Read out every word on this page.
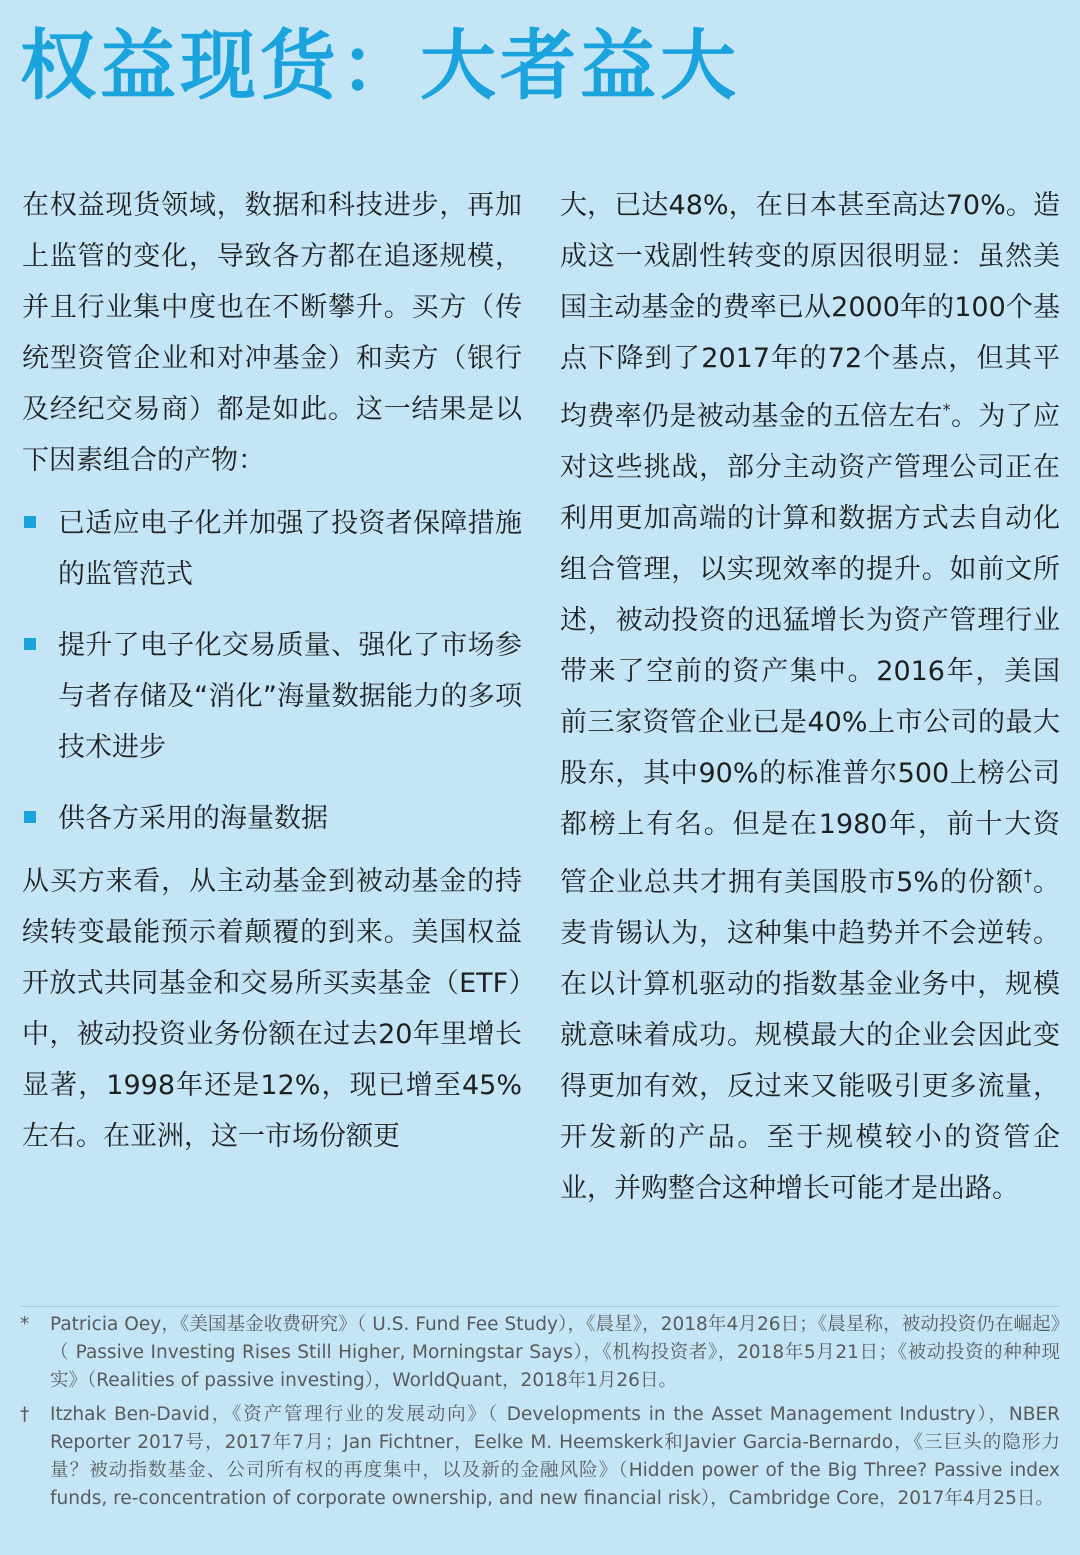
权益现货：大者益大

在权益现货领域，数据和科技进步，再加上监管的变化，导致各方都在追逐规模，并且行业集中度也在不断攀升。买方（传统型资管企业和对冲基金）和卖方（银行及经纪交易商）都是如此。这一结果是以下因素组合的产物：

已适应电子化并加强了投资者保障措施的监管范式
提升了电子化交易质量、强化了市场参与者存储及“消化”海量数据能力的多项技术进步
供各方采用的海量数据

从买方来看，从主动基金到被动基金的持续转变最能预示着颠覆的到来。美国权益开放式共同基金和交易所买卖基金（ETF）中，被动投资业务份额在过去20年里增长显著，1998年还是12%，现已增至45%左右。在亚洲，这一市场份额更

大，已达48%，在日本甚至高达70%。造成这一戏剧性转变的原因很明显：虽然美国主动基金的费率已从2000年的100个基点下降到了2017年的72个基点，但其平均费率仍是被动基金的五倍左右*。为了应对这些挑战，部分主动资产管理公司正在利用更加高端的计算和数据方式去自动化组合管理，以实现效率的提升。如前文所述，被动投资的迅猛增长为资产管理行业带来了空前的资产集中。2016年，美国前三家资管企业已是40%上市公司的最大股东，其中90%的标准普尔500上榜公司都榜上有名。但是在1980年，前十大资管企业总共才拥有美国股市5%的份额†。麦肯锡认为，这种集中趋势并不会逆转。在以计算机驱动的指数基金业务中，规模就意味着成功。规模最大的企业会因此变得更加有效，反过来又能吸引更多流量，开发新的产品。至于规模较小的资管企业，并购整合这种增长可能才是出路。

* Patricia Oey，《美国基金收费研究》（ U.S. Fund Fee Study），《晨星》，2018年4月26日；《晨星称，被动投资仍在崛起》（ Passive Investing Rises Still Higher, Morningstar Says），《机构投资者》，2018年5月21日；《被动投资的种种现实》（Realities of passive investing），WorldQuant，2018年1月26日。
† Itzhak Ben-David，《资产管理行业的发展动向》（ Developments in the Asset Management Industry），NBER Reporter 2017号，2017年7月；Jan Fichtner，Eelke M. Heemskerk和Javier Garcia-Bernardo，《三巨头的隐形力量？被动指数基金、公司所有权的再度集中，以及新的金融风险》（Hidden power of the Big Three? Passive index funds, re-concentration of corporate ownership, and new financial risk），Cambridge Core，2017年4月25日。
